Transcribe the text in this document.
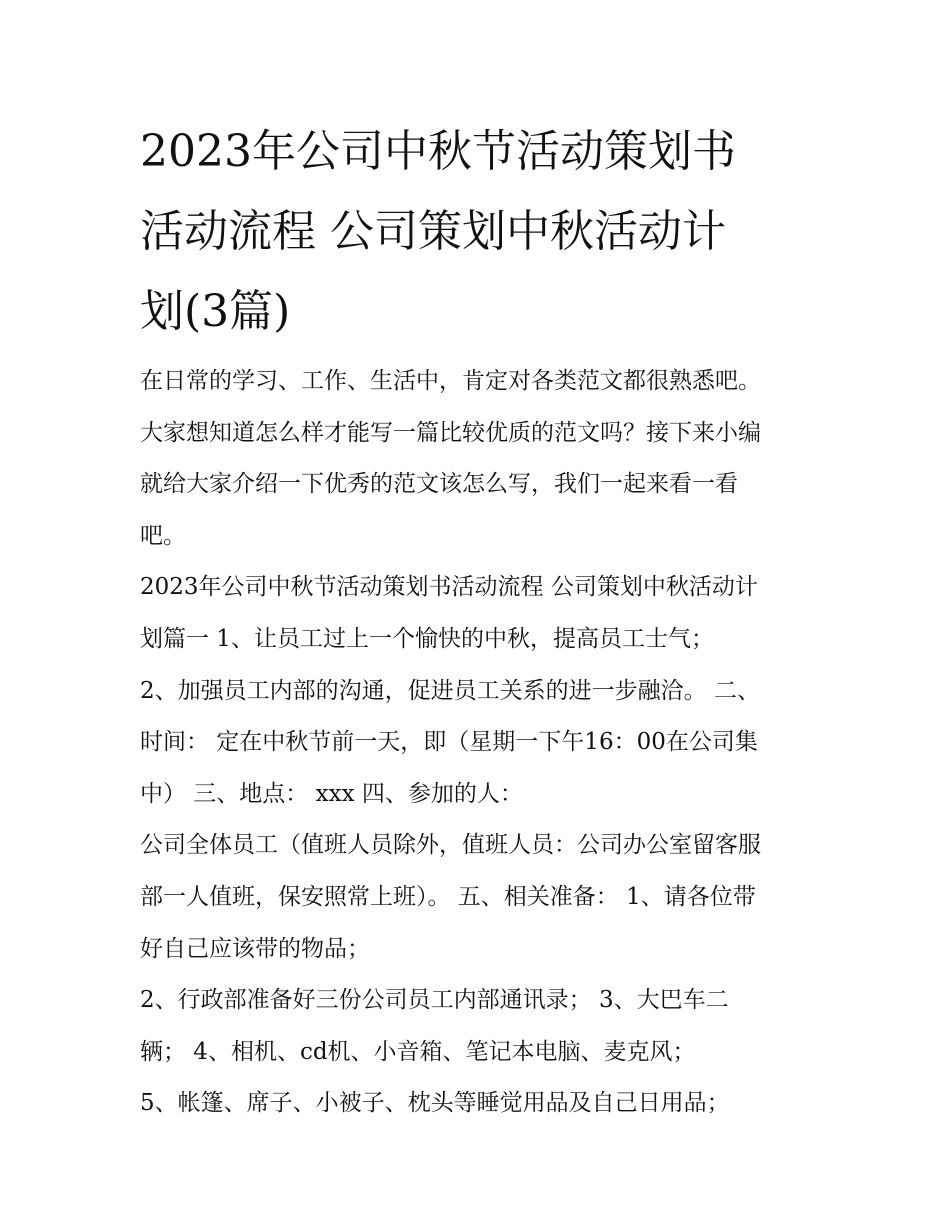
2023年公司中秋节活动策划书
活动流程 公司策划中秋活动计
划(3篇)
在日常的学习、工作、生活中，肯定对各类范文都很熟悉吧。
大家想知道怎么样才能写一篇比较优质的范文吗？接下来小编
就给大家介绍一下优秀的范文该怎么写，我们一起来看一看
吧。
2023年公司中秋节活动策划书活动流程 公司策划中秋活动计
划篇一 1、让员工过上一个愉快的中秋，提高员工士气；
2、加强员工内部的沟通，促进员工关系的进一步融洽。 二、
时间： 定在中秋节前一天，即（星期一下午16：00在公司集
中） 三、地点： xxx 四、参加的人：
公司全体员工（值班人员除外，值班人员：公司办公室留客服
部一人值班，保安照常上班）。 五、相关准备： 1、请各位带
好自己应该带的物品；
2、行政部准备好三份公司员工内部通讯录； 3、大巴车二
辆； 4、相机、cd机、小音箱、笔记本电脑、麦克风；
5、帐篷、席子、小被子、枕头等睡觉用品及自己日用品；
